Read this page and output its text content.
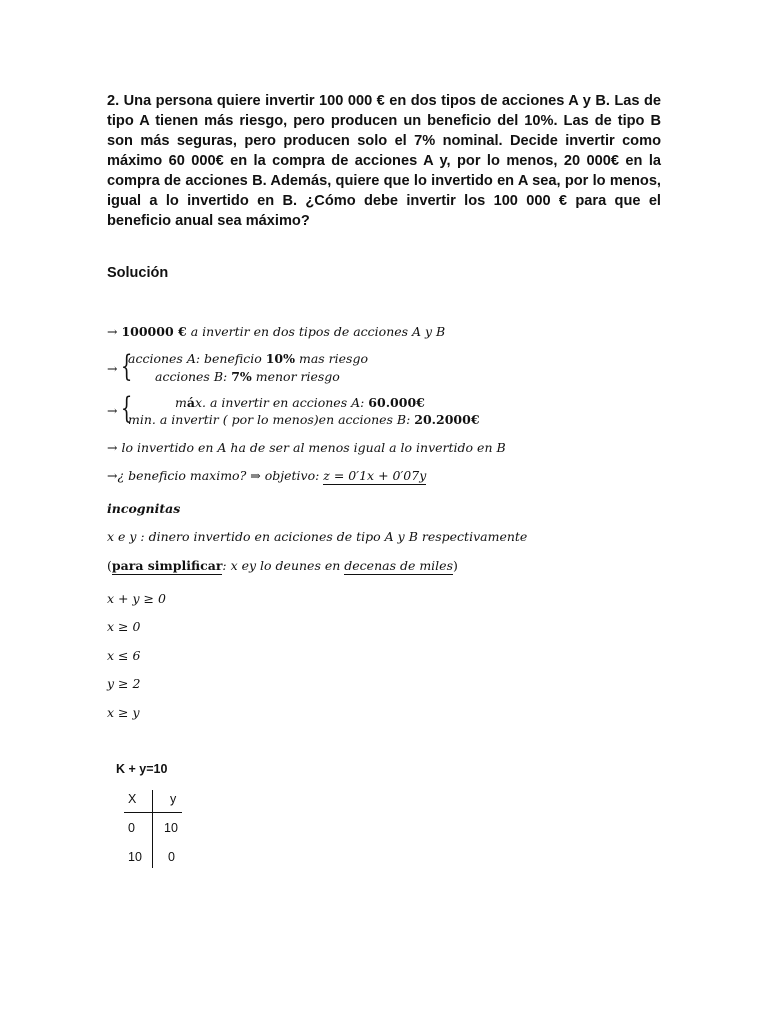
2. Una persona quiere invertir 100 000 € en dos tipos de acciones A y B. Las de tipo A tienen más riesgo, pero producen un beneficio del 10%. Las de tipo B son más seguras, pero producen solo el 7% nominal. Decide invertir como máximo 60 000€ en la compra de acciones A y, por lo menos, 20 000€ en la compra de acciones B. Además, quiere que lo invertido en A sea, por lo menos, igual a lo invertido en B. ¿Cómo debe invertir los 100 000 € para que el beneficio anual sea máximo?

Solución
→ 100000 € a invertir en dos tipos de acciones A y B
→ {
acciones A: beneficio 10% mas riesgo
acciones B: 7% menor riesgo
→ {	máx. a invertir en acciones A: 60.000€
min. a invertir ( por lo menos)en acciones B: 20.2000€
→ lo invertido en A ha de ser al menos igual a lo invertido en B
→¿ beneficio maximo? ⇒ objetivo: z = 0′1x + 0′07y
incognitas
x e y : dinero invertido en aciciones de tipo A y B respectivamente
(para simplificar: x ey lo deunes en decenas de miles)
x + y ≥ 0
x ≥ 0
x ≤ 6
y ≥ 2
x ≥ y
K + y=10
X	y
0 10
10 0
